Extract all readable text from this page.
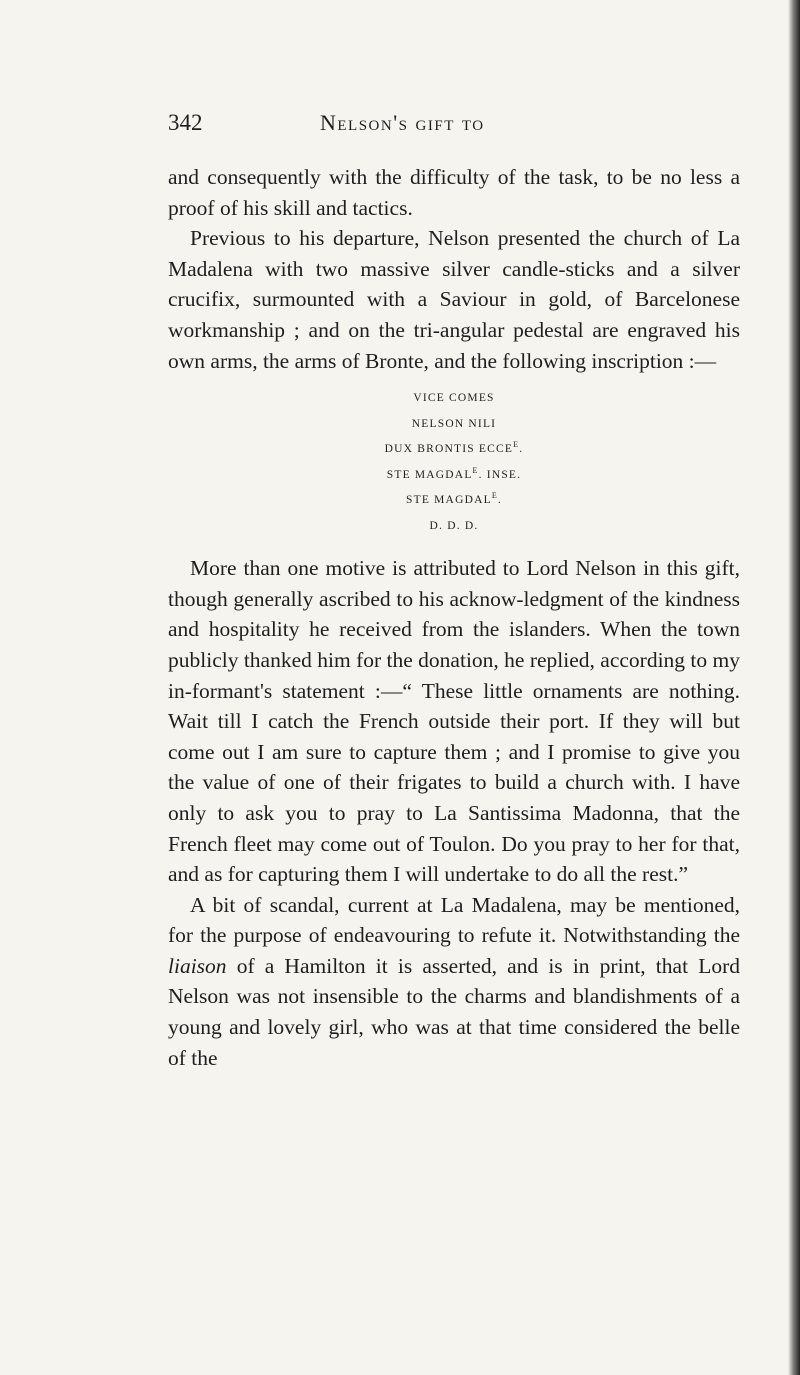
342	Nelson's gift to

and consequently with the difficulty of the task, to be no less a proof of his skill and tactics.

Previous to his departure, Nelson presented the church of La Madalena with two massive silver candle-sticks and a silver crucifix, surmounted with a Saviour in gold, of Barcelonese workmanship ; and on the tri-angular pedestal are engraved his own arms, the arms of Bronte, and the following inscription :—

VICE COMES
NELSON NILI
DUX BRONTIS $ECCE^E$.
STE $MAGDAL^E$. INSE.
STE $MAGDAL^E$.
D. D. D.

More than one motive is attributed to Lord Nelson in this gift, though generally ascribed to his acknow-ledgment of the kindness and hospitality he received from the islanders. When the town publicly thanked him for the donation, he replied, according to my in-formant's statement :—“ These little ornaments are nothing. Wait till I catch the French outside their port. If they will but come out I am sure to capture them ; and I promise to give you the value of one of their frigates to build a church with. I have only to ask you to pray to La Santissima Madonna, that the French fleet may come out of Toulon. Do you pray to her for that, and as for capturing them I will undertake to do all the rest.”

A bit of scandal, current at La Madalena, may be mentioned, for the purpose of endeavouring to refute it. Notwithstanding the liaison of a Hamilton it is asserted, and is in print, that Lord Nelson was not insensible to the charms and blandishments of a young and lovely girl, who was at that time considered the belle of the
